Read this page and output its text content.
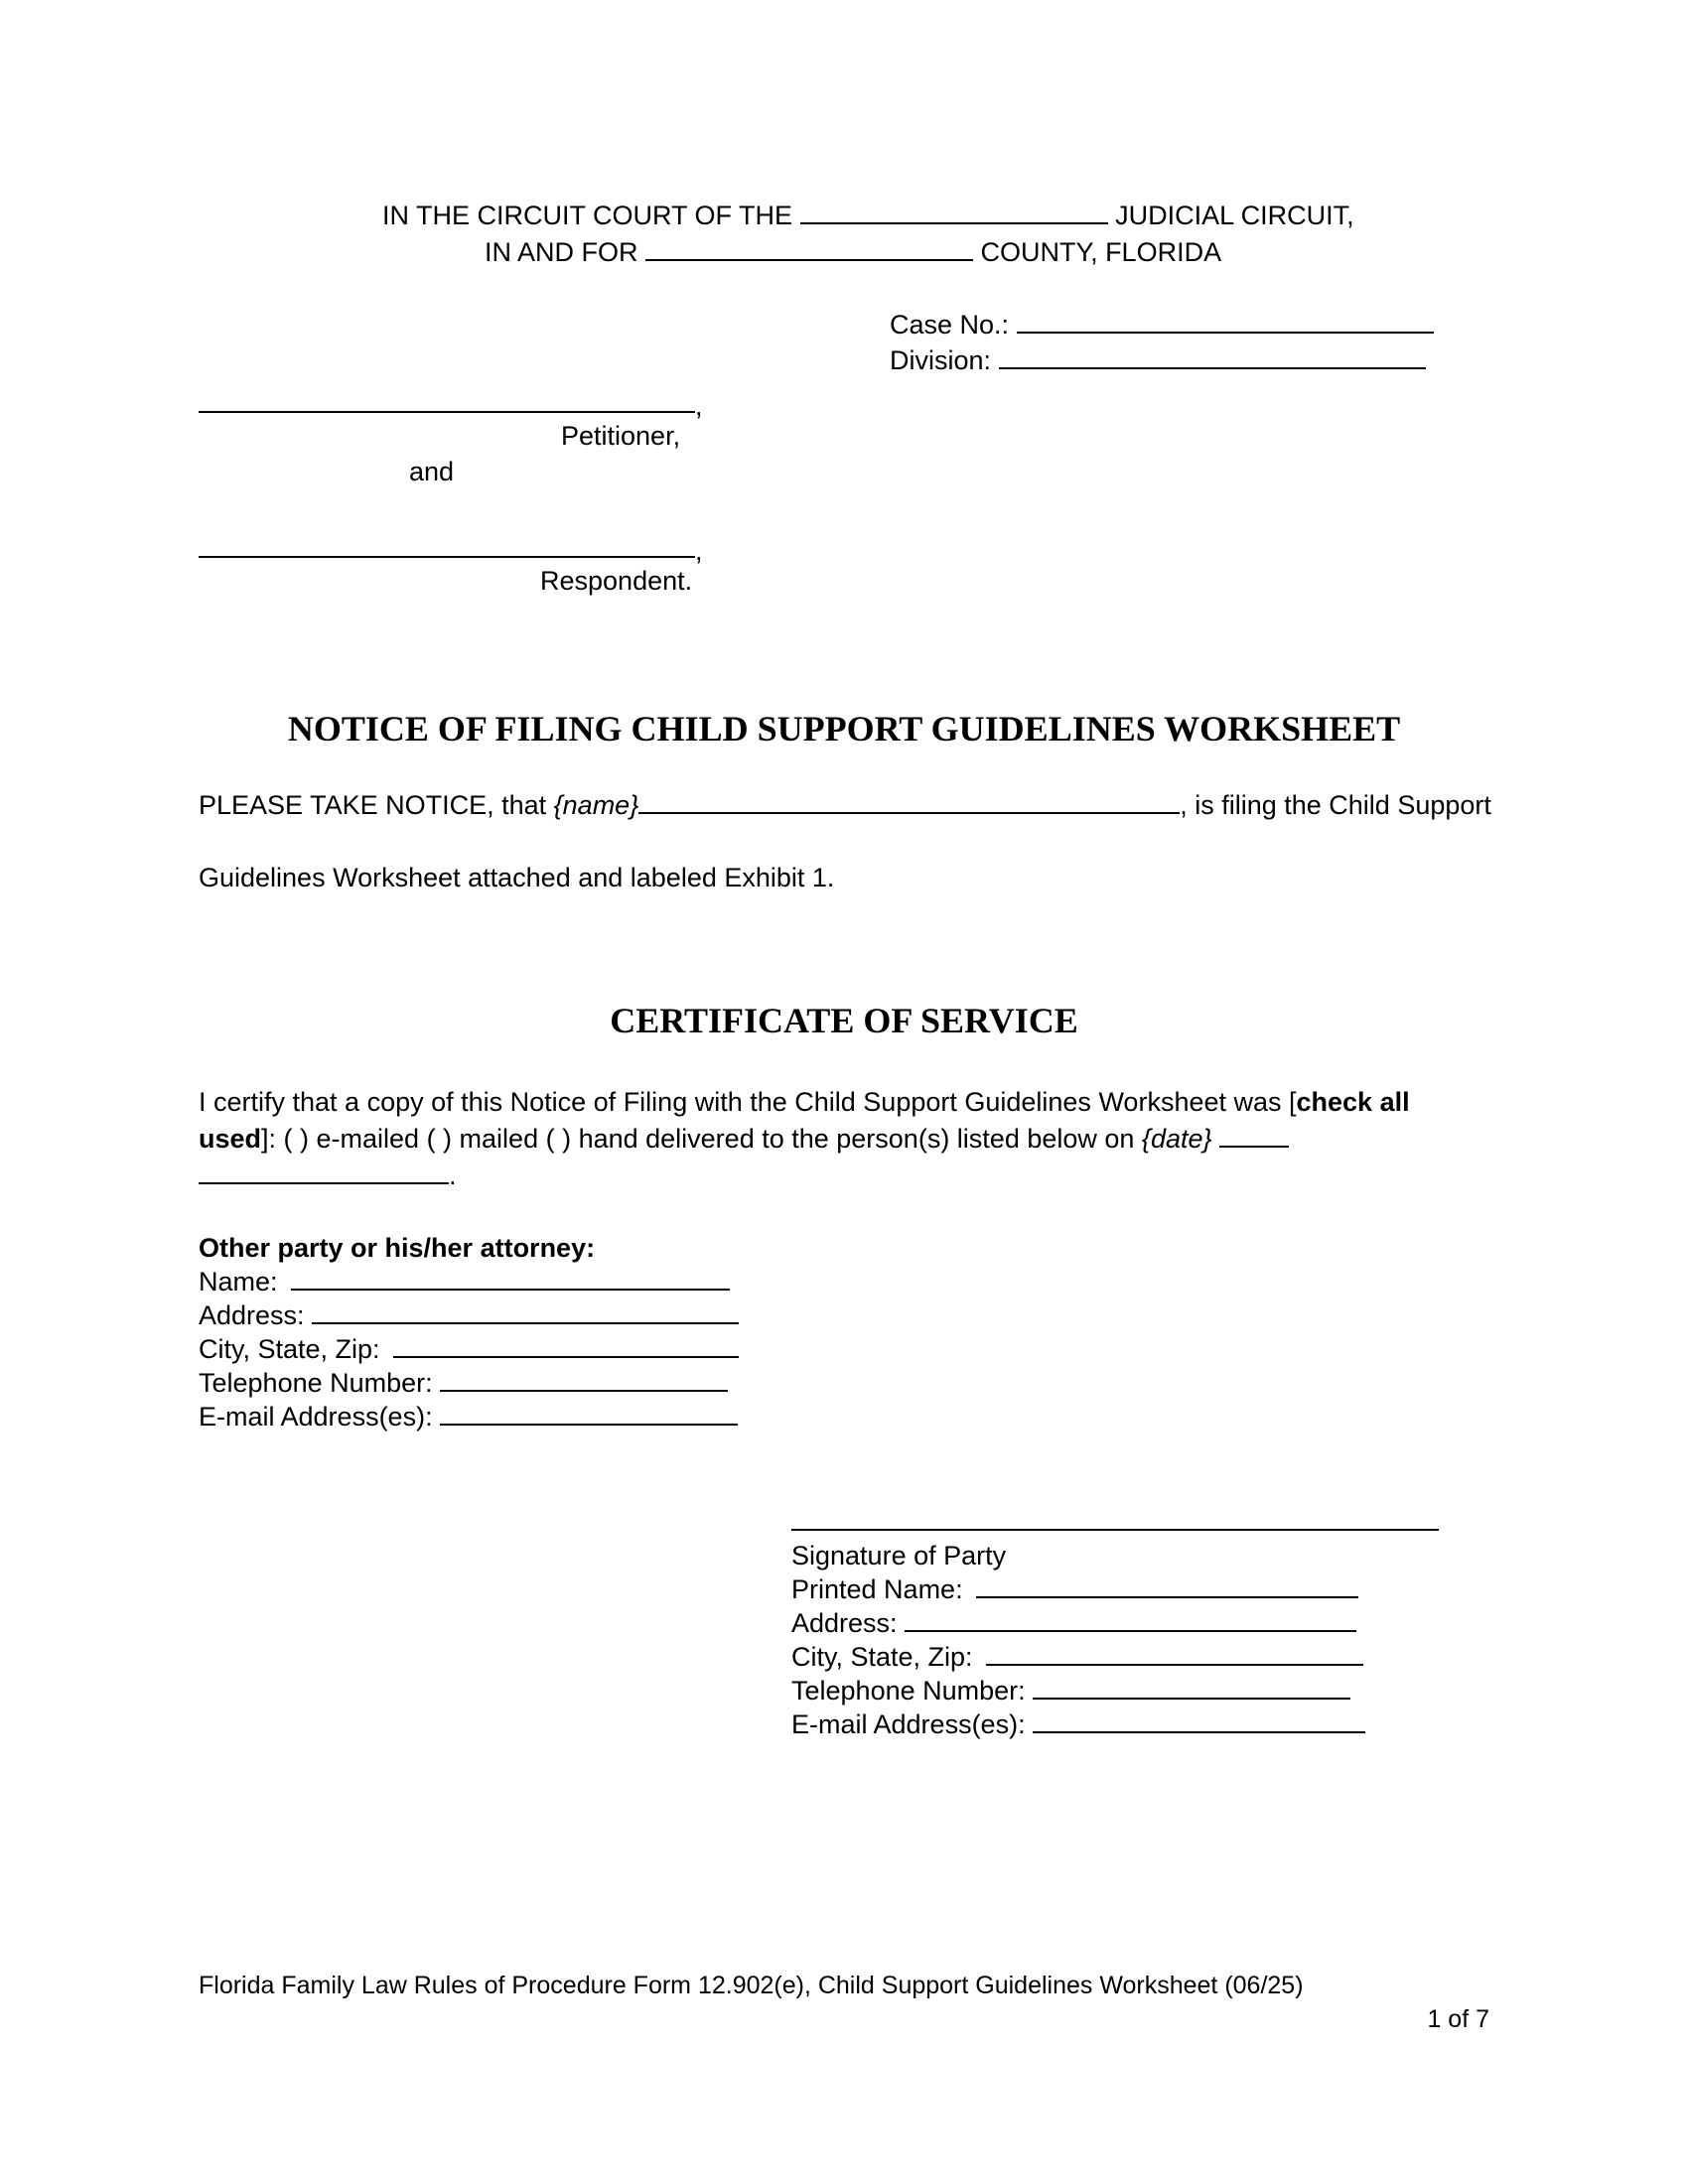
IN THE CIRCUIT COURT OF THE	JUDICIAL CIRCUIT,
IN AND FOR	COUNTY, FLORIDA
Case No.:
Division:
,
Petitioner,
and
,
Respondent.
NOTICE OF FILING CHILD SUPPORT GUIDELINES WORKSHEET
PLEASE TAKE NOTICE, that {name}	, is filing the Child Support
Guidelines Worksheet attached and labeled Exhibit 1.
CERTIFICATE OF SERVICE
I certify that a copy of this Notice of Filing with the Child Support Guidelines Worksheet was [check all used]: ( ) e-mailed ( ) mailed ( ) hand delivered to the person(s) listed below on {date}
.
Other party or his/her attorney:
Name:
Address:
City, State, Zip:
Telephone Number:
E-mail Address(es):
Signature of Party
Printed Name:
Address:
City, State, Zip:
Telephone Number:
E-mail Address(es):
Florida Family Law Rules of Procedure Form 12.902(e), Child Support Guidelines Worksheet (06/25)
1 of 7
